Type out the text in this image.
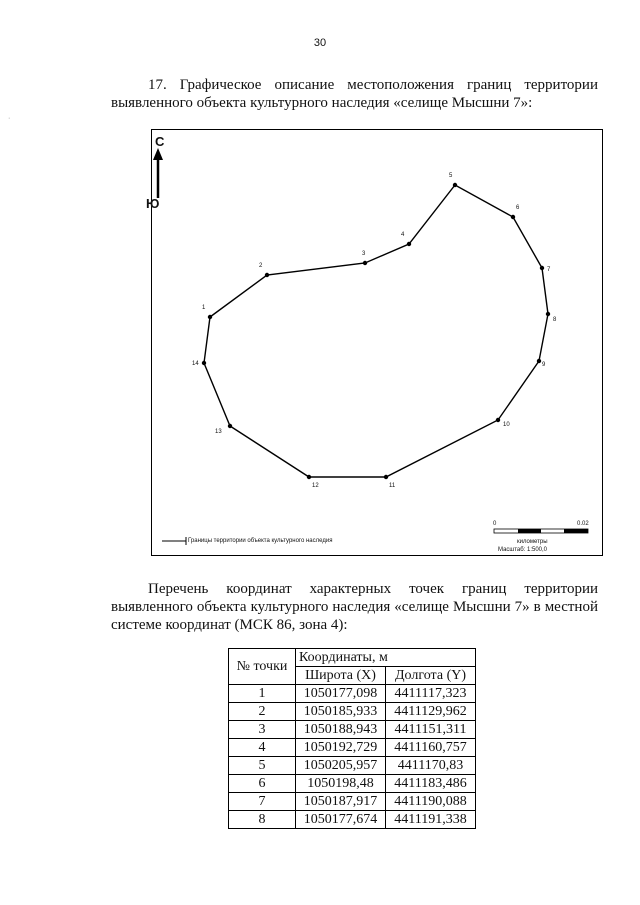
30
17. Графическое описание местоположения границ территории выявленного объекта культурного наследия «селище Мысшни 7»:
С
Ю
Границы территории объекта культурного наследия
0	0.02
километры
Масштаб: 1:500,0
1
2
3
4
5
6
7
8
9
10
11
12
13
14
Перечень координат характерных точек границ территории выявленного объекта культурного наследия «селище Мысшни 7» в местной системе координат (МСК 86, зона 4):
№ точки	Координаты, м	
	Широта (X)	Долгота (Y)
1	1050177,098	4411117,323
2	1050185,933	4411129,962
3	1050188,943	4411151,311
4	1050192,729	4411160,757
5	1050205,957	4411170,83
6	1050198,48	4411183,486
7	1050187,917	4411190,088
8	1050177,674	4411191,338
·
